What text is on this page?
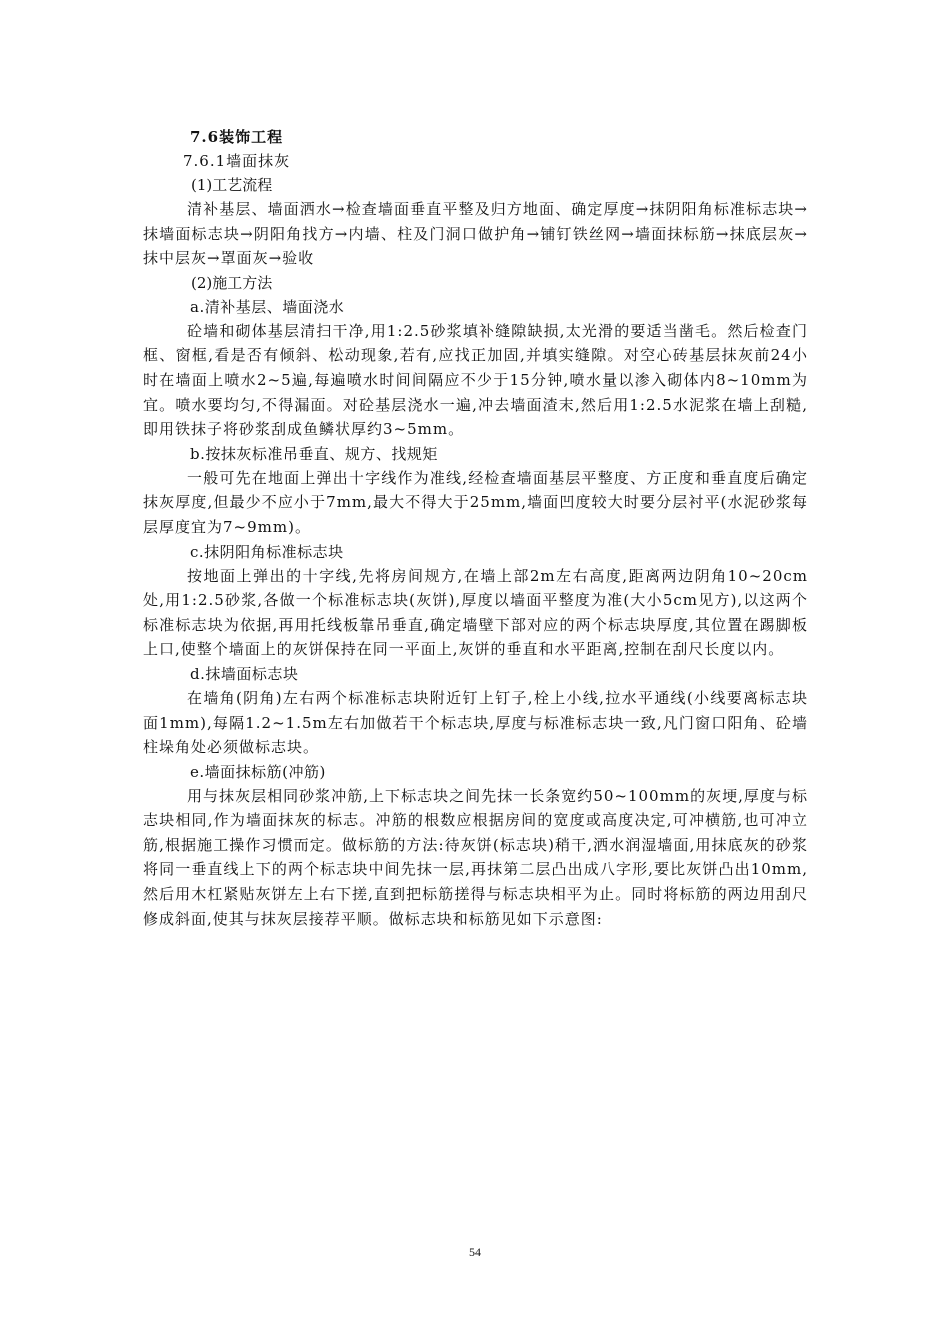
7.6装饰工程
7.6.1墙面抹灰
(1)工艺流程

清补基层、墙面洒水→检查墙面垂直平整及归方地面、确定厚度→抹阴阳角标准标志块→抹墙面标志块→阴阳角找方→内墙、柱及门洞口做护角→铺钉铁丝网→墙面抹标筋→抹底层灰→抹中层灰→罩面灰→验收

(2)施工方法
a.清补基层、墙面浇水

砼墙和砌体基层清扫干净,用1:2.5砂浆填补缝隙缺损,太光滑的要适当凿毛。然后检查门框、窗框,看是否有倾斜、松动现象,若有,应找正加固,并填实缝隙。对空心砖基层抹灰前24小时在墙面上喷水2~5遍,每遍喷水时间间隔应不少于15分钟,喷水量以渗入砌体内8~10mm为宜。喷水要均匀,不得漏面。对砼基层浇水一遍,冲去墙面渣末,然后用1:2.5水泥浆在墙上刮糙,即用铁抹子将砂浆刮成鱼鳞状厚约3~5mm。

b.按抹灰标准吊垂直、规方、找规矩

一般可先在地面上弹出十字线作为准线,经检查墙面基层平整度、方正度和垂直度后确定抹灰厚度,但最少不应小于7mm,最大不得大于25mm,墙面凹度较大时要分层衬平(水泥砂浆每层厚度宜为7~9mm)。

c.抹阴阳角标准标志块

按地面上弹出的十字线,先将房间规方,在墙上部2m左右高度,距离两边阴角10~20cm处,用1:2.5砂浆,各做一个标准标志块(灰饼),厚度以墙面平整度为准(大小5cm见方),以这两个标准标志块为依据,再用托线板靠吊垂直,确定墙壁下部对应的两个标志块厚度,其位置在踢脚板上口,使整个墙面上的灰饼保持在同一平面上,灰饼的垂直和水平距离,控制在刮尺长度以内。

d.抹墙面标志块

在墙角(阴角)左右两个标准标志块附近钉上钉子,栓上小线,拉水平通线(小线要离标志块面1mm),每隔1.2~1.5m左右加做若干个标志块,厚度与标准标志块一致,凡门窗口阳角、砼墙柱垛角处必须做标志块。

e.墙面抹标筋(冲筋)

用与抹灰层相同砂浆冲筋,上下标志块之间先抹一长条宽约50~100mm的灰埂,厚度与标志块相同,作为墙面抹灰的标志。冲筋的根数应根据房间的宽度或高度决定,可冲横筋,也可冲立筋,根据施工操作习惯而定。做标筋的方法:待灰饼(标志块)稍干,洒水润湿墙面,用抹底灰的砂浆将同一垂直线上下的两个标志块中间先抹一层,再抹第二层凸出成八字形,要比灰饼凸出10mm,然后用木杠紧贴灰饼左上右下搓,直到把标筋搓得与标志块相平为止。同时将标筋的两边用刮尺修成斜面,使其与抹灰层接荐平顺。做标志块和标筋见如下示意图:

54
